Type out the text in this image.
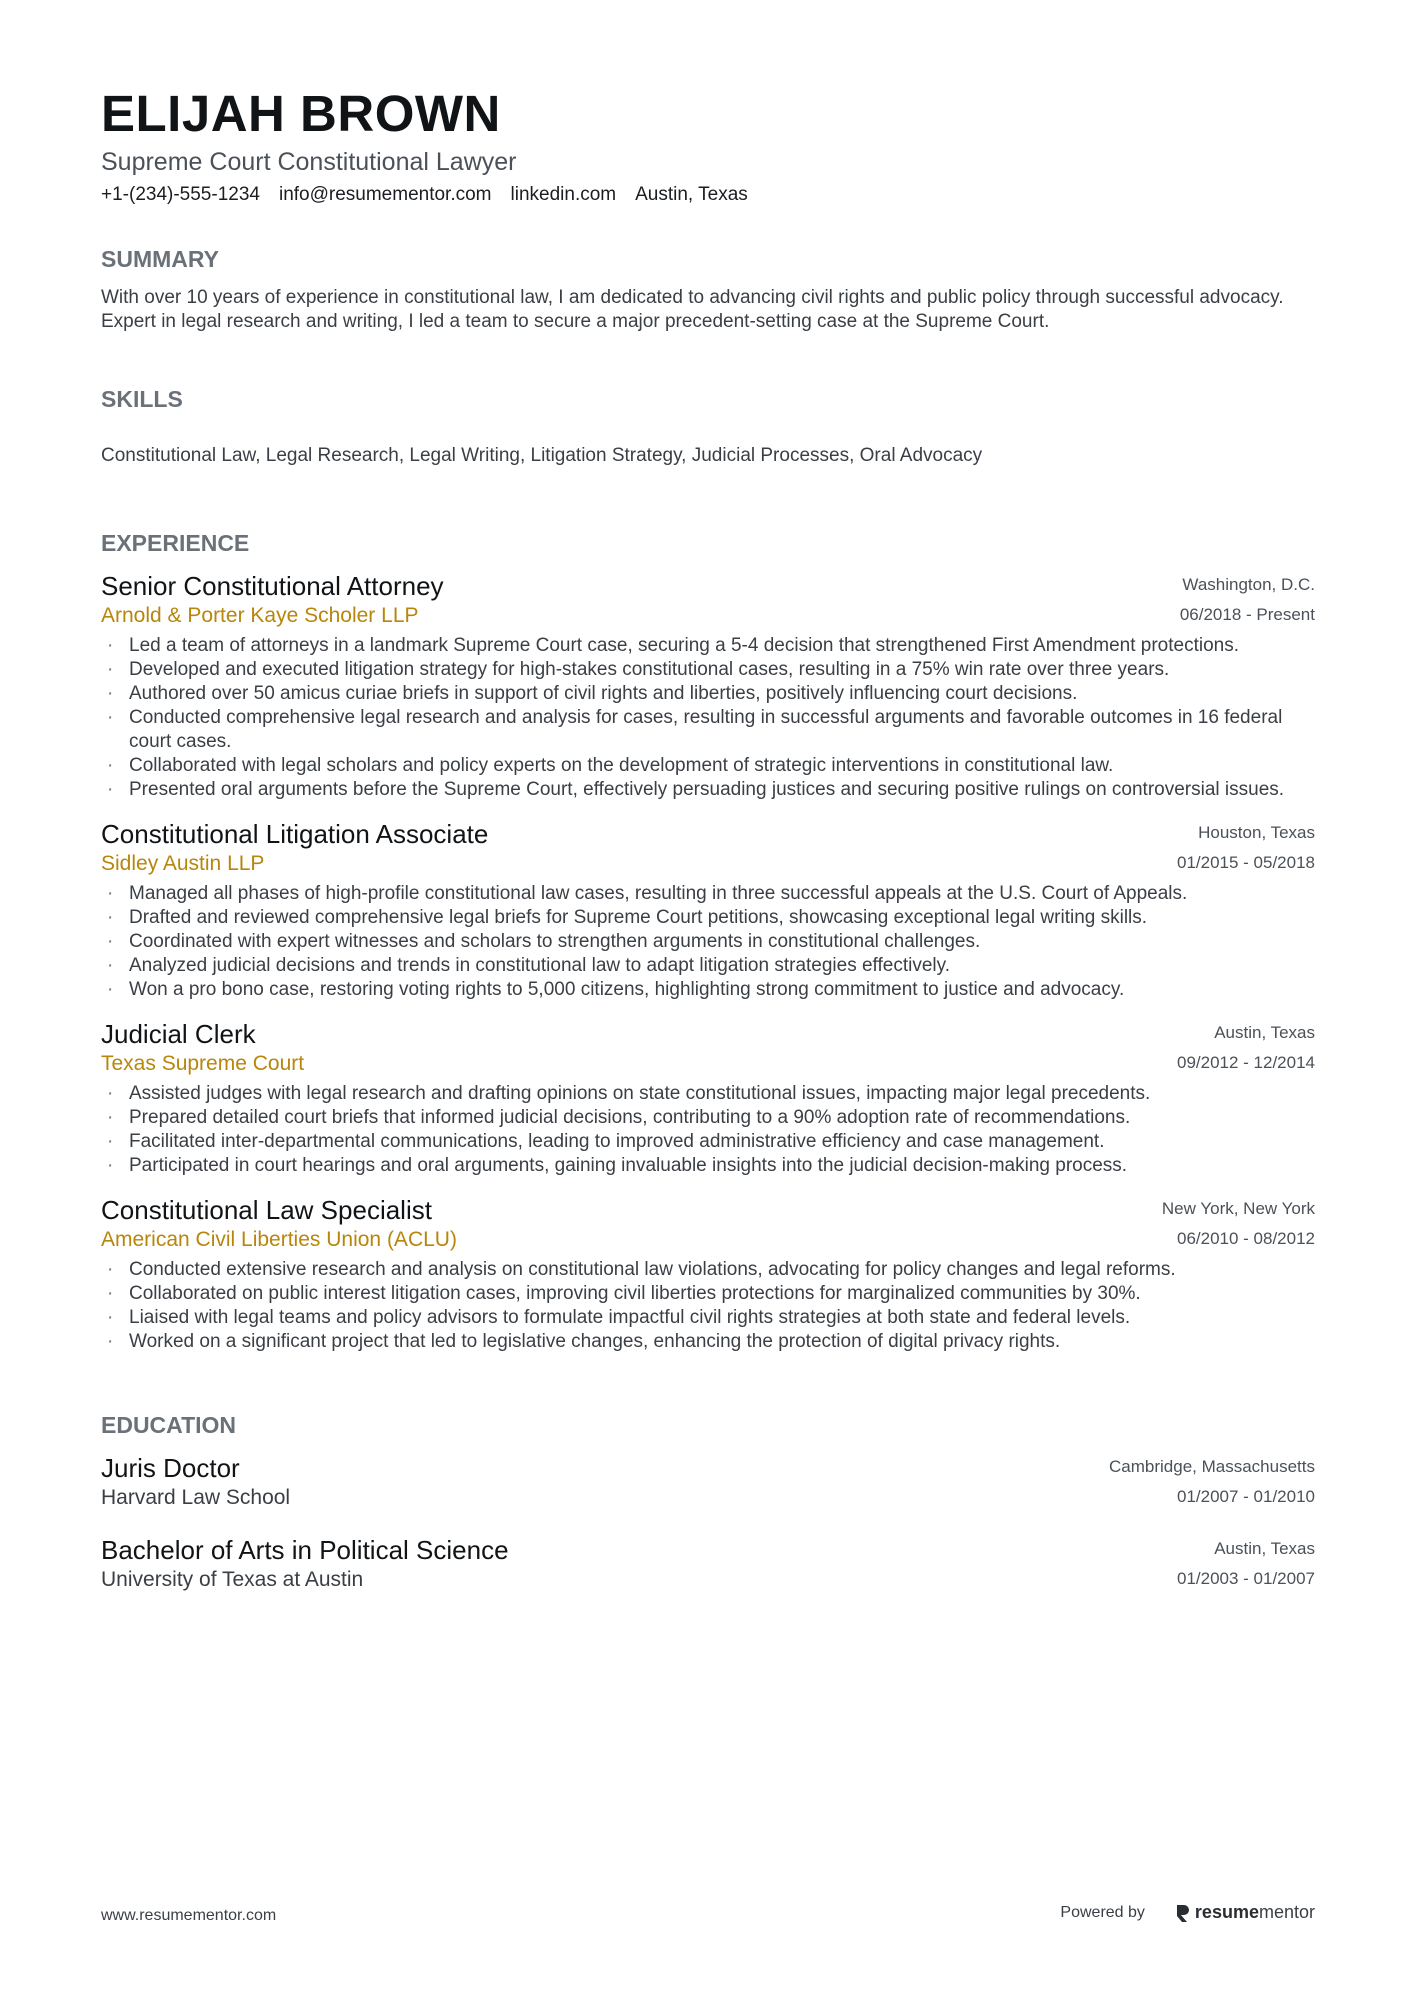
ELIJAH BROWN
Supreme Court Constitutional Lawyer
+1-(234)-555-1234 info@resumementor.com linkedin.com Austin, Texas
SUMMARY
With over 10 years of experience in constitutional law, I am dedicated to advancing civil rights and public policy through successful advocacy. Expert in legal research and writing, I led a team to secure a major precedent-setting case at the Supreme Court.
SKILLS
Constitutional Law, Legal Research, Legal Writing, Litigation Strategy, Judicial Processes, Oral Advocacy
EXPERIENCE
Senior Constitutional Attorney
Arnold & Porter Kaye Scholer LLP
Washington, D.C.
06/2018 - Present
· Led a team of attorneys in a landmark Supreme Court case, securing a 5-4 decision that strengthened First Amendment protections.
· Developed and executed litigation strategy for high-stakes constitutional cases, resulting in a 75% win rate over three years.
· Authored over 50 amicus curiae briefs in support of civil rights and liberties, positively influencing court decisions.
· Conducted comprehensive legal research and analysis for cases, resulting in successful arguments and favorable outcomes in 16 federal court cases.
· Collaborated with legal scholars and policy experts on the development of strategic interventions in constitutional law.
· Presented oral arguments before the Supreme Court, effectively persuading justices and securing positive rulings on controversial issues.
Constitutional Litigation Associate
Sidley Austin LLP
Houston, Texas
01/2015 - 05/2018
· Managed all phases of high-profile constitutional law cases, resulting in three successful appeals at the U.S. Court of Appeals.
· Drafted and reviewed comprehensive legal briefs for Supreme Court petitions, showcasing exceptional legal writing skills.
· Coordinated with expert witnesses and scholars to strengthen arguments in constitutional challenges.
· Analyzed judicial decisions and trends in constitutional law to adapt litigation strategies effectively.
· Won a pro bono case, restoring voting rights to 5,000 citizens, highlighting strong commitment to justice and advocacy.
Judicial Clerk
Texas Supreme Court
Austin, Texas
09/2012 - 12/2014
· Assisted judges with legal research and drafting opinions on state constitutional issues, impacting major legal precedents.
· Prepared detailed court briefs that informed judicial decisions, contributing to a 90% adoption rate of recommendations.
· Facilitated inter-departmental communications, leading to improved administrative efficiency and case management.
· Participated in court hearings and oral arguments, gaining invaluable insights into the judicial decision-making process.
Constitutional Law Specialist
American Civil Liberties Union (ACLU)
New York, New York
06/2010 - 08/2012
· Conducted extensive research and analysis on constitutional law violations, advocating for policy changes and legal reforms.
· Collaborated on public interest litigation cases, improving civil liberties protections for marginalized communities by 30%.
· Liaised with legal teams and policy advisors to formulate impactful civil rights strategies at both state and federal levels.
· Worked on a significant project that led to legislative changes, enhancing the protection of digital privacy rights.
EDUCATION
Juris Doctor
Harvard Law School
Cambridge, Massachusetts
01/2007 - 01/2010
Bachelor of Arts in Political Science
University of Texas at Austin
Austin, Texas
01/2003 - 01/2007
www.resumementor.com	Powered by	resumementor
